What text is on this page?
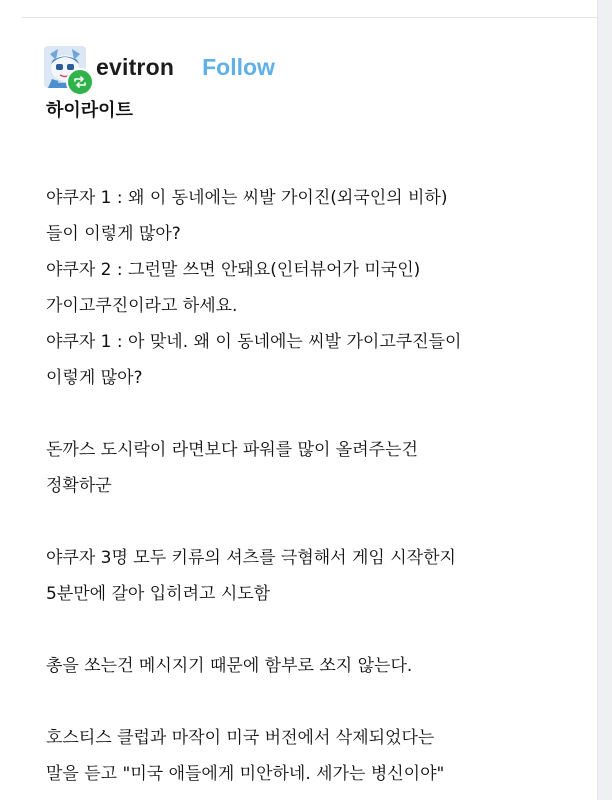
evitron Follow
하이라이트
야쿠자 1 : 왜 이 동네에는 씨발 가이진(외국인의 비하)
들이 이렇게 많아?
야쿠자 2 : 그런말 쓰면 안돼요(인터뷰어가 미국인)
가이고쿠진이라고 하세요.
야쿠자 1 : 아 맞네. 왜 이 동네에는 씨발 가이고쿠진들이
이렇게 많아?
돈까스 도시락이 라면보다 파워를 많이 올려주는건
정확하군
야쿠자 3명 모두 키류의 셔츠를 극혐해서 게임 시작한지
5분만에 갈아 입히려고 시도함
총을 쏘는건 메시지기 때문에 함부로 쏘지 않는다.
호스티스 클럽과 마작이 미국 버전에서 삭제되었다는
말을 듣고 "미국 애들에게 미안하네. 세가는 병신이야"
